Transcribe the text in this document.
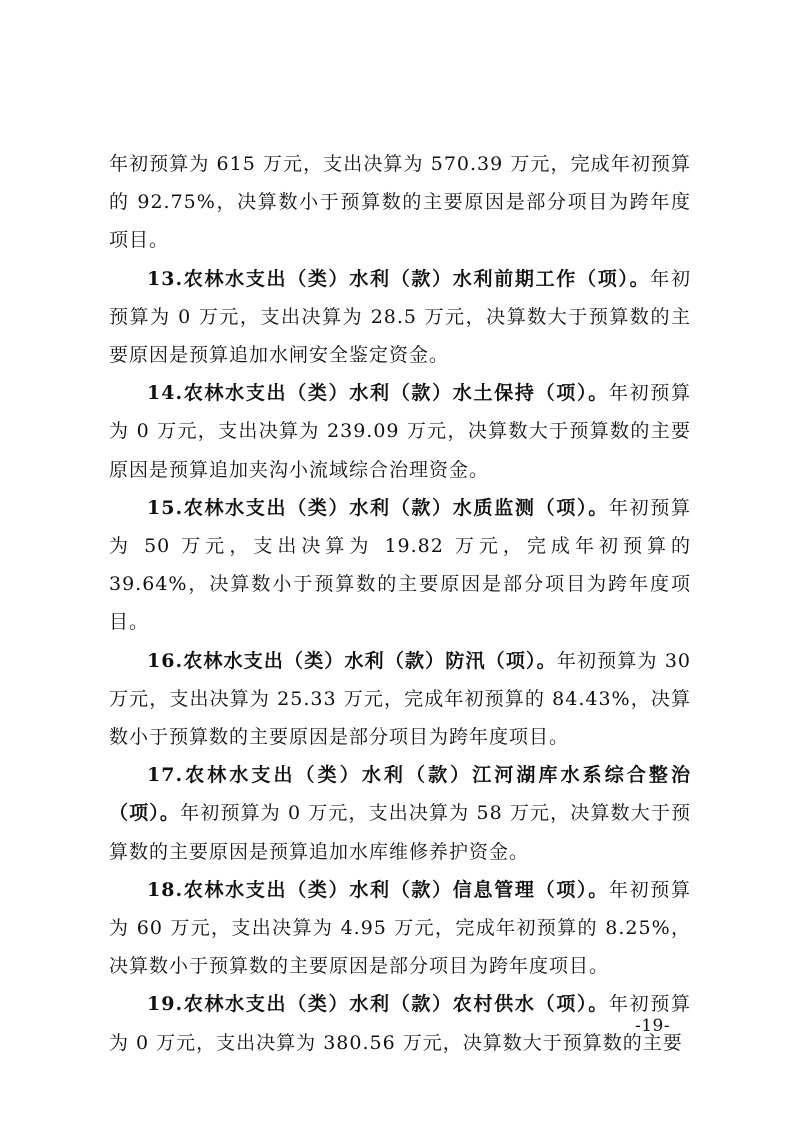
年初预算为 615 万元，支出决算为 570.39 万元，完成年初预算的 92.75%，决算数小于预算数的主要原因是部分项目为跨年度项目。

13.农林水支出（类）水利（款）水利前期工作（项）。年初预算为 0 万元，支出决算为 28.5 万元，决算数大于预算数的主要原因是预算追加水闸安全鉴定资金。

14.农林水支出（类）水利（款）水土保持（项）。年初预算为 0 万元，支出决算为 239.09 万元，决算数大于预算数的主要原因是预算追加夹沟小流域综合治理资金。

15.农林水支出（类）水利（款）水质监测（项）。年初预算为 50 万元，支出决算为 19.82 万元，完成年初预算的 39.64%，决算数小于预算数的主要原因是部分项目为跨年度项目。

16.农林水支出（类）水利（款）防汛（项）。年初预算为 30 万元，支出决算为 25.33 万元，完成年初预算的 84.43%，决算数小于预算数的主要原因是部分项目为跨年度项目。

17.农林水支出（类）水利（款）江河湖库水系综合整治（项）。年初预算为 0 万元，支出决算为 58 万元，决算数大于预算数的主要原因是预算追加水库维修养护资金。

18.农林水支出（类）水利（款）信息管理（项）。年初预算为 60 万元，支出决算为 4.95 万元，完成年初预算的 8.25%，决算数小于预算数的主要原因是部分项目为跨年度项目。

19.农林水支出（类）水利（款）农村供水（项）。年初预算为 0 万元，支出决算为 380.56 万元，决算数大于预算数的主要

-19-
